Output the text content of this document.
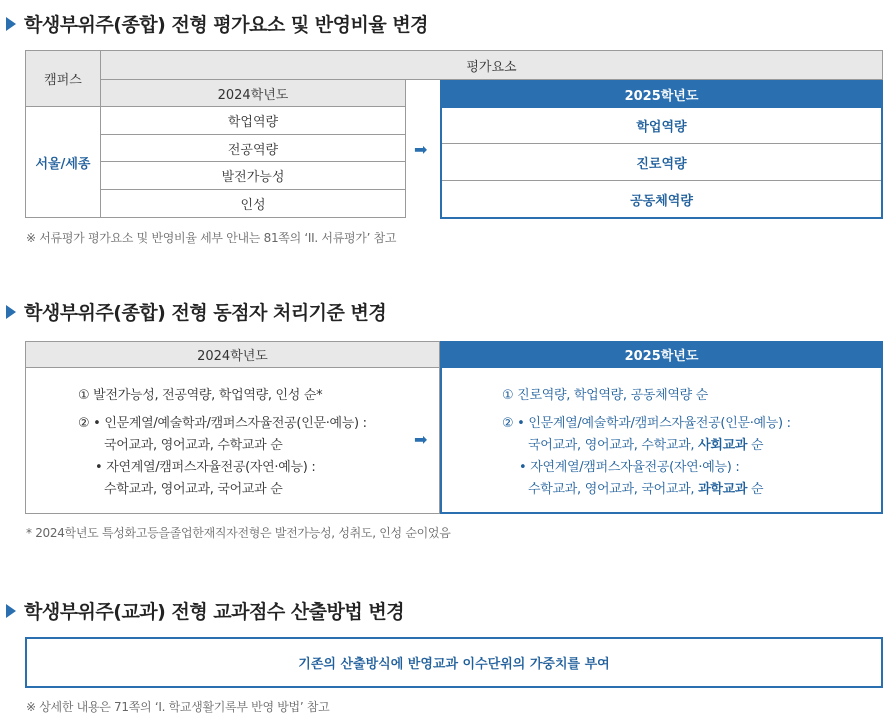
학생부위주(종합) 전형 평가요소 및 반영비율 변경
캠퍼스
평가요소
2024학년도
서울/세종
학업역량
전공역량
발전가능성
인성
➡
2025학년도
학업역량
진로역량
공동체역량
※ 서류평가 평가요소 및 반영비율 세부 안내는 81쪽의 ‘II. 서류평가’ 참고
학생부위주(종합) 전형 동점자 처리기준 변경
2024학년도
① 발전가능성, 전공역량, 학업역량, 인성 순*
② • 인문계열/예술학과/캠퍼스자율전공(인문·예능) :
국어교과, 영어교과, 수학교과 순
• 자연계열/캠퍼스자율전공(자연·예능) :
수학교과, 영어교과, 국어교과 순
➡
2025학년도
① 진로역량, 학업역량, 공동체역량 순
② • 인문계열/예술학과/캠퍼스자율전공(인문·예능) :
국어교과, 영어교과, 수학교과, 사회교과 순
• 자연계열/캠퍼스자율전공(자연·예능) :
수학교과, 영어교과, 국어교과, 과학교과 순
* 2024학년도 특성화고등을졸업한재직자전형은 발전가능성, 성취도, 인성 순이었음
학생부위주(교과) 전형 교과점수 산출방법 변경
기존의 산출방식에 반영교과 이수단위의 가중치를 부여
※ 상세한 내용은 71쪽의 ‘I. 학교생활기록부 반영 방법’ 참고
